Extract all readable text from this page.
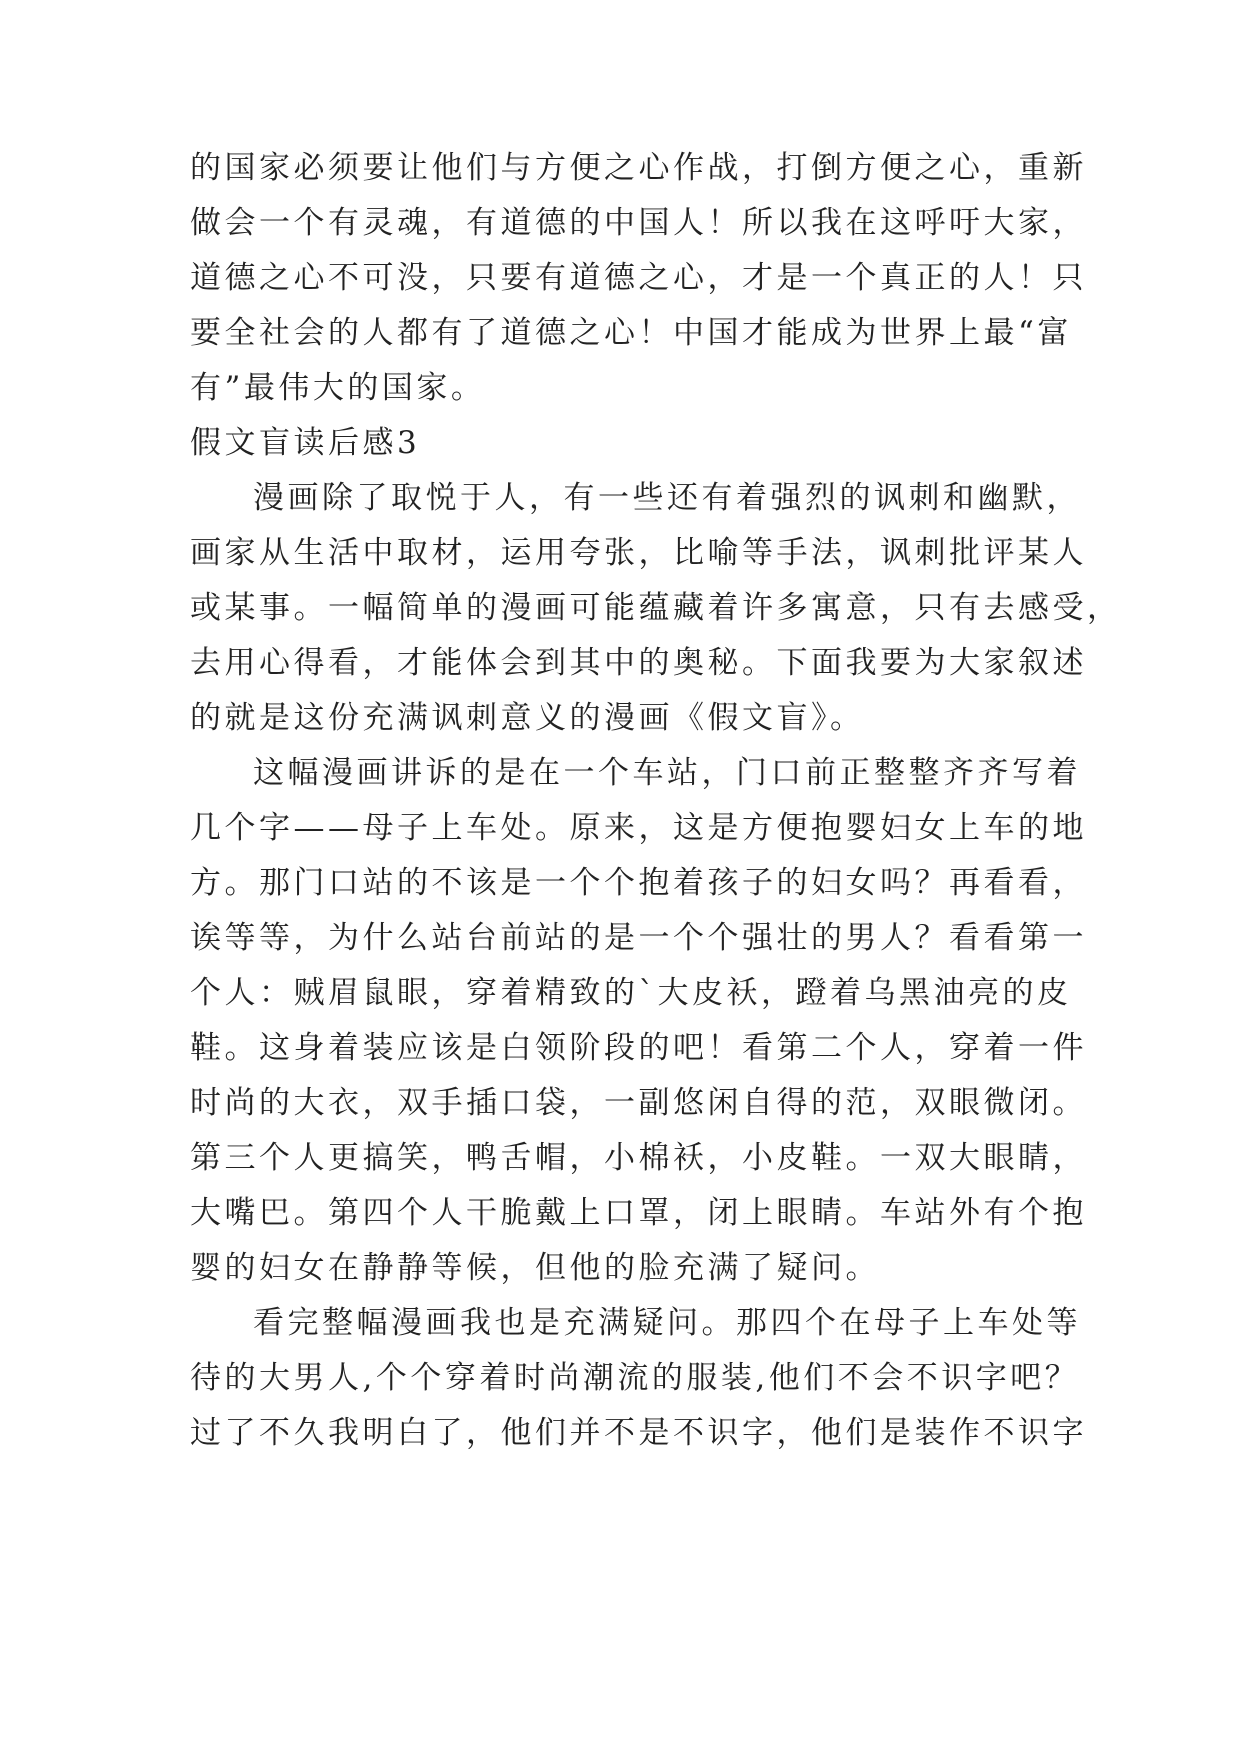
的国家必须要让他们与方便之心作战，打倒方便之心，重新
做会一个有灵魂，有道德的中国人！所以我在这呼吁大家，
道德之心不可没，只要有道德之心，才是一个真正的人！只
要全社会的人都有了道德之心！中国才能成为世界上最“富
有”最伟大的国家。
假文盲读后感3
漫画除了取悦于人，有一些还有着强烈的讽刺和幽默，
画家从生活中取材，运用夸张，比喻等手法，讽刺批评某人
或某事。一幅简单的漫画可能蕴藏着许多寓意，只有去感受，
去用心得看，才能体会到其中的奥秘。下面我要为大家叙述
的就是这份充满讽刺意义的漫画《假文盲》。
这幅漫画讲诉的是在一个车站，门口前正整整齐齐写着
几个字——母子上车处。原来，这是方便抱婴妇女上车的地
方。那门口站的不该是一个个抱着孩子的妇女吗？再看看，
诶等等，为什么站台前站的是一个个强壮的男人？看看第一
个人：贼眉鼠眼，穿着精致的`大皮袄，蹬着乌黑油亮的皮
鞋。这身着装应该是白领阶段的吧！看第二个人，穿着一件
时尚的大衣，双手插口袋，一副悠闲自得的范，双眼微闭。
第三个人更搞笑，鸭舌帽，小棉袄，小皮鞋。一双大眼睛，
大嘴巴。第四个人干脆戴上口罩，闭上眼睛。车站外有个抱
婴的妇女在静静等候，但他的脸充满了疑问。
看完整幅漫画我也是充满疑问。那四个在母子上车处等
待的大男人,个个穿着时尚潮流的服装,他们不会不识字吧？
过了不久我明白了，他们并不是不识字，他们是装作不识字
